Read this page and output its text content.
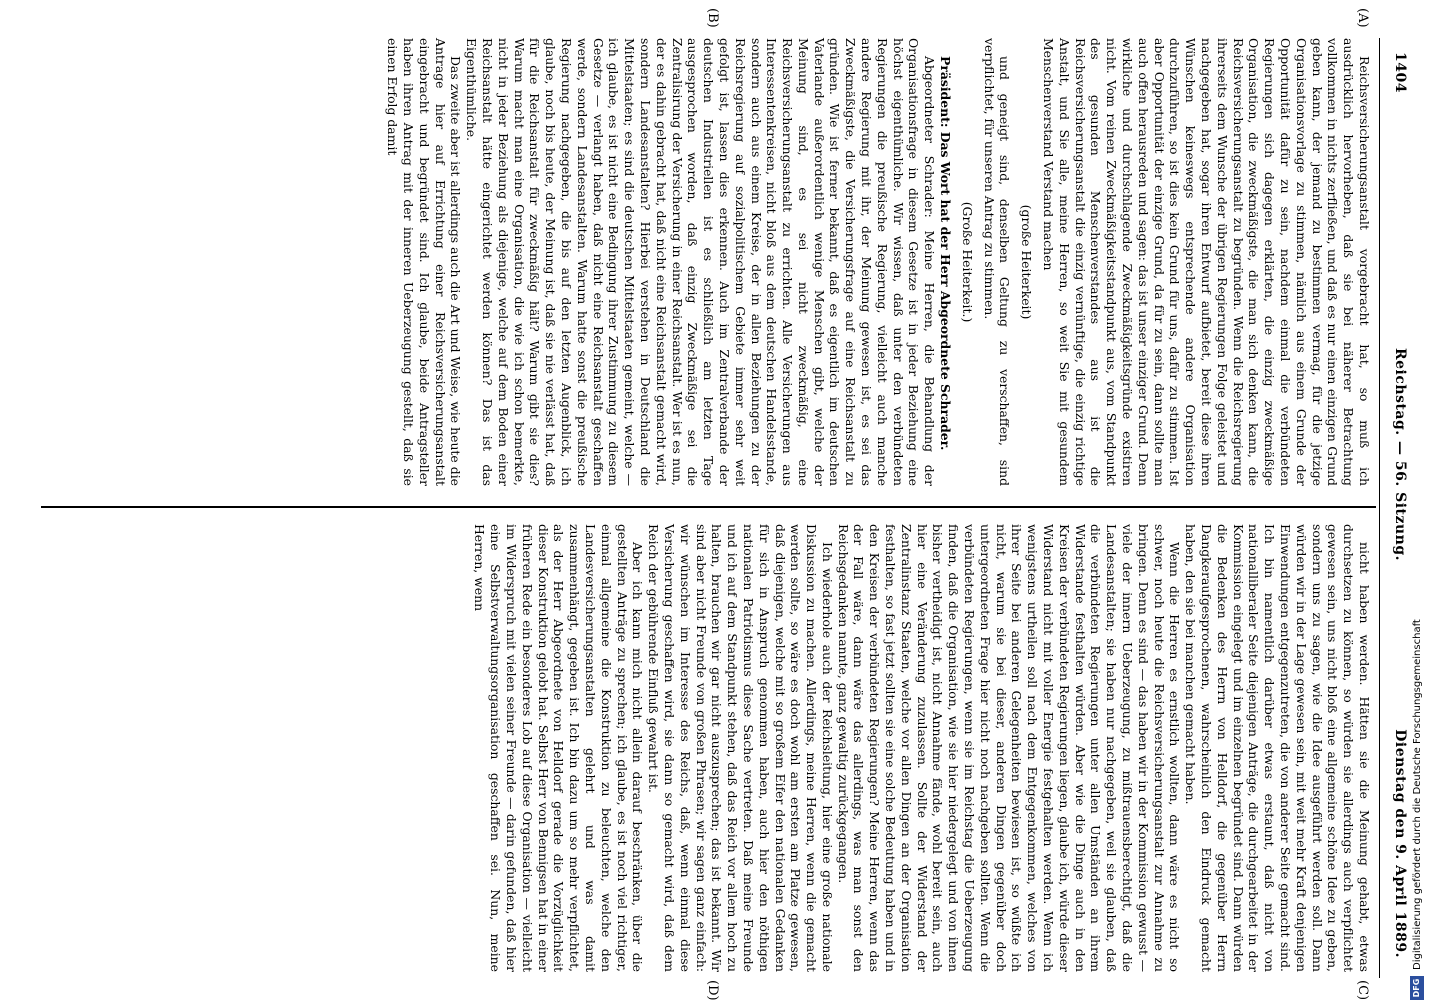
1404
Reichstag. — 56. Sitzung.
Dienstag den 9. April 1889.
(A)
(B)
(C)
(D)

Reichsversicherungsanstalt vorgebracht hat, so muß ich ausdrücklich hervorheben, daß sie bei näherer Betrachtung vollkommen in nichts zerfließen, und daß es nur einen einzigen Grund geben kann, der jemand zu bestimmen vermag, für die jetzige Organisationsvorlage zu stimmen, nämlich aus einem Grunde der Opportunität dafür zu sein, nachdem einmal die verbündeten Regierungen sich dagegen erklärten, die einzig zweckmäßige Organisation, die zweckmäßigste, die man sich denken kann, die Reichsversicherungsanstalt zu begründen. Wenn die Reichsregierung ihrerseits dem Wunsche der übrigen Regierungen Folge geleistet und nachgegeben hat, sogar ihren Entwurf aufbietet, bereit diese ihren Wünschen keineswegs entsprechende andere Organisation durchzuführen, so ist dies kein Grund für uns, dafür zu stimmen. Ist aber Opportunität der einzige Grund, da für zu sein, dann sollte man auch offen herausreden und sagen: das ist unser einziger Grund. Denn wirkliche und durchschlagende Zweckmäßigkeitsgründe existiren nicht. Vom reinen Zweckmäßigkeitsstandpunkt aus, vom Standpunkt des gesunden Menschenverstandes aus ist die Reichsversicherungsanstalt die einzig vernünftige, die einzig richtige Anstalt, und Sie alle, meine Herren, so weit Sie mit gesundem Menschenverstand Verstand machen

(große Heiterkeit)

und geneigt sind, denselben Geltung zu verschaffen, sind verpflichtet, für unseren Antrag zu stimmen.

(Große Heiterkeit.)

Präsident: Das Wort hat der Herr Abgeordnete Schrader.

Abgeordneter Schrader: Meine Herren, die Behandlung der Organisationsfrage in diesem Gesetze ist in jeder Beziehung eine höchst eigenthümliche. Wir wissen, daß unter den verbündeten Regierungen die preußische Regierung, vielleicht auch manche andere Regierung mit ihr, der Meinung gewesen ist, es sei das Zweckmäßigste, die Versicherungsfrage auf eine Reichsanstalt zu gründen. Wie ist ferner bekannt, daß es eigentlich im deutschen Vaterlande außerordentlich wenige Menschen gibt, welche der Meinung sind, es sei nicht zweckmäßig, eine Reichsversicherungsanstalt zu errichten. Alle Versicherungen aus Interessentenkreisen, nicht bloß aus dem deutschen Handelsstande, sondern auch aus einem Kreise, der in allen Beziehungen zu der Reichsregierung auf sozialpolitischem Gebiete immer sehr weit gefolgt ist, lassen dies erkennen. Auch im Zentralverbande der deutschen Industriellen ist es schließlich am letzten Tage ausgesprochen worden, daß einzig Zweckmäßige sei die Zentralisirung der Versicherung in einer Reichsanstalt. Wer ist es nun, der es dahin gebracht hat, daß nicht eine Reichsanstalt gemacht wird, sondern Landesanstalten? Hierbei verstehen in Deutschland die Mittelstaaten; es sind die deutschen Mittelstaaten gemeint, welche — ich glaube, es ist nicht eine Bedingung ihrer Zustimmung zu diesem Gesetze — verlangt haben, daß nicht eine Reichsanstalt geschaffen werde, sondern Landesanstalten. Warum hatte sonst die preußische Regierung nachgegeben, die bis auf den letzten Augenblick, ich glaube, noch bis heute, der Meinung ist, daß sie nie verlässt hat, daß für die Reichsanstalt für zweckmäßig hält? Warum gibt sie dies? Warum macht man eine Organisation, die wie ich schon bemerkte, nicht in jeder Beziehung als diejenige, welche auf dem Boden einer Reichsanstalt hätte eingerichtet werden können? Das ist das Eigenthümliche.

Das zweite aber ist allerdings auch die Art und Weise, wie heute die Antrage hier auf Errichtung einer Reichsversicherungsanstalt eingebracht und begründet sind. Ich glaube, beide Antragsteller haben ihren Antrag mit der inneren Ueberzeugung gestellt, daß sie einen Erfolg damit

nicht haben werden. Hätten sie die Meinung gehabt, etwas durchsetzen zu können, so würden sie allerdings auch verpflichtet gewesen sein, uns nicht bloß eine allgemeine schöne Idee zu geben, sondern uns zu sagen, wie die Idee ausgeführt werden soll. Dann würden wir in der Lage gewesen sein, mit weit mehr Kraft denjenigen Einwendungen entgegenzutreten, die von anderer Seite gemacht sind. Ich bin namentlich darüber etwas erstaunt, daß nicht von nationalliberaler Seite diejenigen Anträge, die durchgearbeitet in der Kommission eingelegt und im einzelnen begründet sind. Dann würden die Bedenken des Herrn von Helldorf, die gegenüber Herrn Dangkeraufgesprochenen, wahrscheinlich den Eindruck gemacht haben, den sie bei manchen gemacht haben.

Wenn die Herren es ernstlich wollten, dann wäre es nicht so schwer, noch heute die Reichsversicherungsanstalt zur Annahme zu bringen. Denn es sind — das haben wir in der Kommission gewusst — viele der innern Ueberzeugung, zu mißtrauensberechtigt, daß die Landesanstalten; sie haben nur nachgegeben, weil sie glauben, daß die verbündeten Regierungen unter allen Umständen an ihrem Widerstande festhalten würden. Aber wie die Dinge auch in den Kreisen der verbündeten Regierungen liegen, glaube ich, würde dieser Widerstand nicht mit voller Energie festgehalten werden. Wenn ich wenigstens urtheilen soll nach dem Entgegenkommen, welches von ihrer Seite bei anderen Gelegenheiten bewiesen ist, so wüßte ich nicht, warum sie bei dieser, anderen Dingen gegenüber doch untergeordneten Frage hier nicht noch nachgeben sollten. Wenn die verbündeten Regierungen, wenn sie im Reichstag die Ueberzeugung finden, daß die Organisation, wie sie hier niedergelegt und von ihnen bisher vertheidigt ist, nicht Annahme fände, wohl bereit sein, auch hier eine Veränderung zuzulassen. Sollte der Widerstand der Zentralinstanz Staaten, welche vor allen Dingen an der Organisation festhalten, so fast jetzt sollten sie eine solche Bedeutung haben und in den Kreisen der verbündeten Regierungen? Meine Herren, wenn das der Fall wäre, dann wäre das allerdings, was man sonst den Reichsgedanken nannte, ganz gewaltig zurückgegangen.

Ich wiederhole auch der Reichsleitung, hier eine große nationale Diskussion zu machen. Allerdings, meine Herren, wenn die gemacht werden sollte, so wäre es doch wohl am ersten am Platze gewesen, daß diejenigen, welche mit so großem Eifer den nationalen Gedanken für sich in Anspruch genommen haben, auch hier den nöthigen nationalen Patriotismus diese Sache vertreten. Daß meine Freunde und ich auf dem Standpunkt stehen, daß das Reich vor allem hoch zu halten, brauchen wir gar nicht auszusprechen; das ist bekannt. Wir sind aber nicht Freunde von großen Phrasen; wir sagen ganz einfach: wir wünschen im Interesse des Reichs, daß, wenn einmal diese Versicherung geschaffen wird, sie dann so gemacht wird, daß dem Reich der gebührende Einfluß gewahrt ist.

Aber ich kann mich nicht allein darauf beschränken, über die gestellten Anträge zu sprechen; ich glaube, es ist noch viel richtiger, einmal allgemeine die Konstruktion zu beleuchten, welche den Landesversicherungsanstalten gelehrt und was damit zusammenhängt, gegeben ist. Ich bin dazu um so mehr verpflichtet, als der Herr Abgeordnete von Helldorf gerade die Vorzüglichkeit dieser Konstruktion gelobt hat. Selbst Herr von Bennigsen hat in einer früheren Rede ein besonderes Lob auf diese Organisation — vielleicht im Widerspruch mit vielen seiner Freunde — darin gefunden, daß hier eine Selbstverwaltungsorganisation geschaffen sei. Nun, meine Herren, wenn

DFG
Digitalisierung gefördert durch die Deutsche Forschungsgemeinschaft
